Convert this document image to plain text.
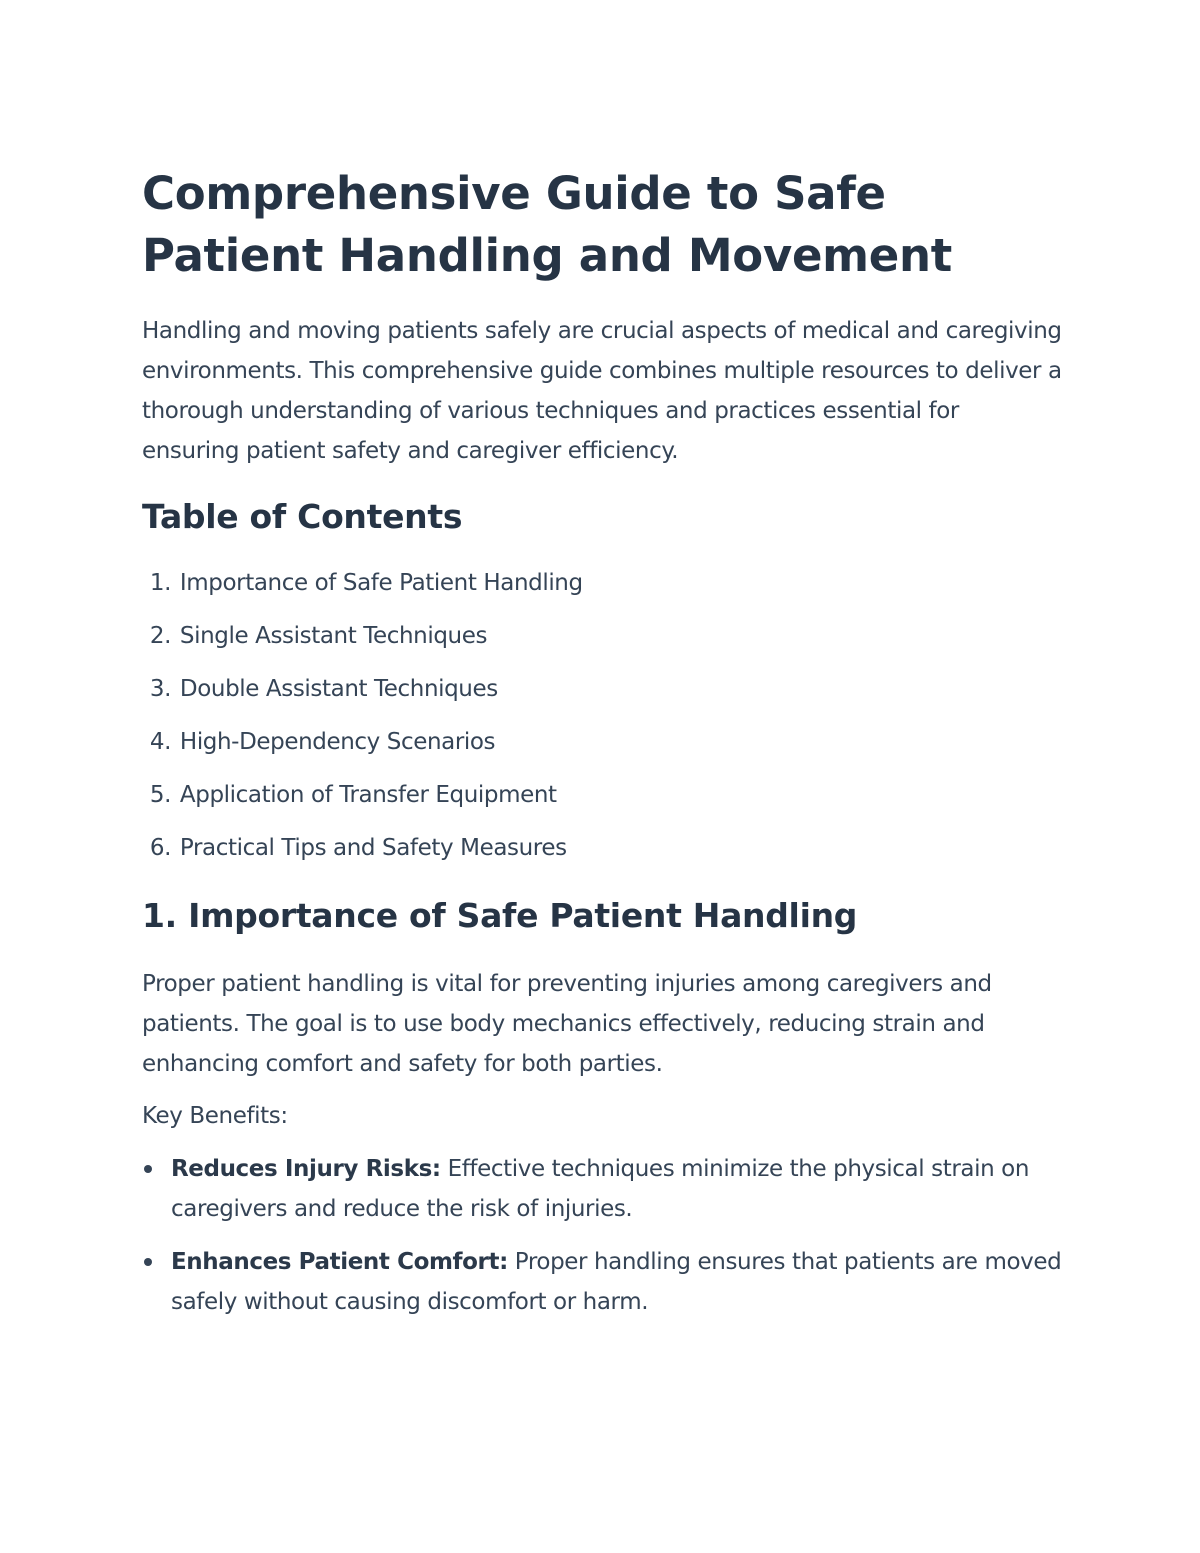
Comprehensive Guide to Safe Patient Handling and Movement

Handling and moving patients safely are crucial aspects of medical and caregiving environments. This comprehensive guide combines multiple resources to deliver a thorough understanding of various techniques and practices essential for ensuring patient safety and caregiver efficiency.

Table of Contents
1. Importance of Safe Patient Handling
2. Single Assistant Techniques
3. Double Assistant Techniques
4. High-Dependency Scenarios
5. Application of Transfer Equipment
6. Practical Tips and Safety Measures
1. Importance of Safe Patient Handling

Proper patient handling is vital for preventing injuries among caregivers and patients. The goal is to use body mechanics effectively, reducing strain and enhancing comfort and safety for both parties.

Key Benefits:

Reduces Injury Risks: Effective techniques minimize the physical strain on caregivers and reduce the risk of injuries.
Enhances Patient Comfort: Proper handling ensures that patients are moved safely without causing discomfort or harm.
